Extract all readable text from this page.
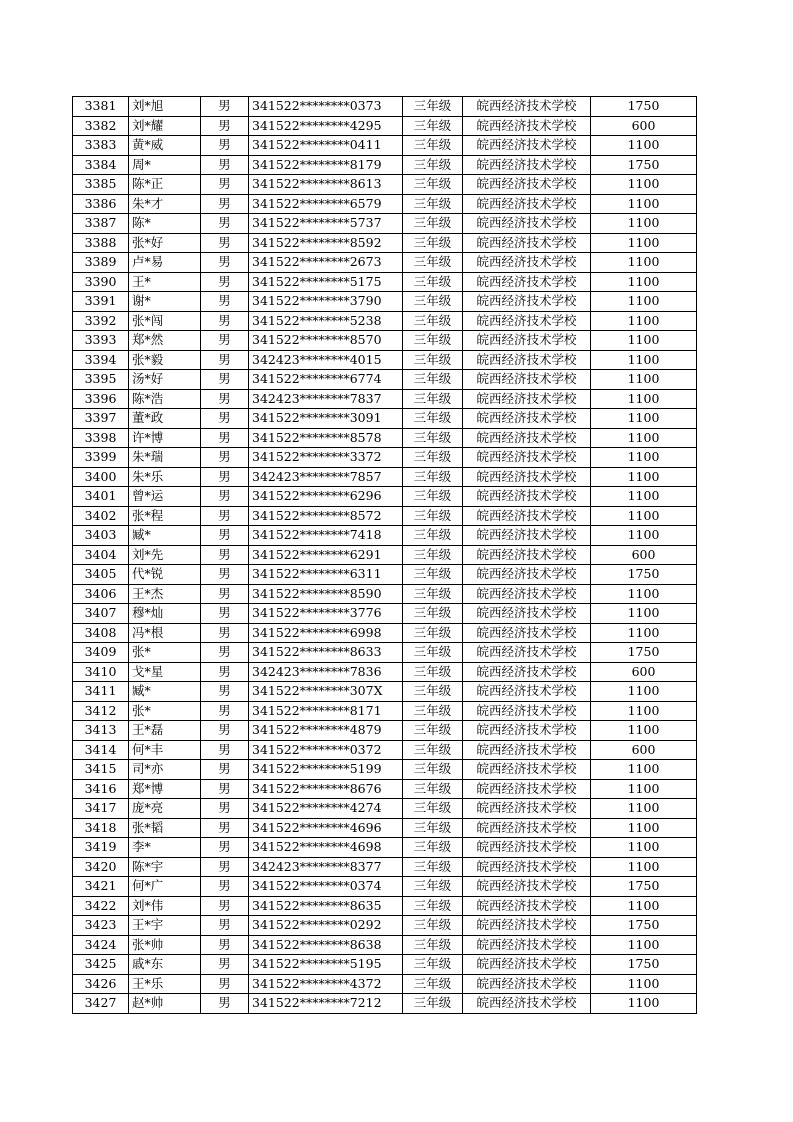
3381	刘*旭	男	341522********0373	三年级	皖西经济技术学校	1750
3382	刘*耀	男	341522********4295	三年级	皖西经济技术学校	600
3383	黄*威	男	341522********0411	三年级	皖西经济技术学校	1100
3384	周*	男	341522********8179	三年级	皖西经济技术学校	1750
3385	陈*正	男	341522********8613	三年级	皖西经济技术学校	1100
3386	朱*才	男	341522********6579	三年级	皖西经济技术学校	1100
3387	陈*	男	341522********5737	三年级	皖西经济技术学校	1100
3388	张*好	男	341522********8592	三年级	皖西经济技术学校	1100
3389	卢*易	男	341522********2673	三年级	皖西经济技术学校	1100
3390	王*	男	341522********5175	三年级	皖西经济技术学校	1100
3391	谢*	男	341522********3790	三年级	皖西经济技术学校	1100
3392	张*闯	男	341522********5238	三年级	皖西经济技术学校	1100
3393	郑*然	男	341522********8570	三年级	皖西经济技术学校	1100
3394	张*毅	男	342423********4015	三年级	皖西经济技术学校	1100
3395	汤*好	男	341522********6774	三年级	皖西经济技术学校	1100
3396	陈*浩	男	342423********7837	三年级	皖西经济技术学校	1100
3397	董*政	男	341522********3091	三年级	皖西经济技术学校	1100
3398	许*博	男	341522********8578	三年级	皖西经济技术学校	1100
3399	朱*瑞	男	341522********3372	三年级	皖西经济技术学校	1100
3400	朱*乐	男	342423********7857	三年级	皖西经济技术学校	1100
3401	曾*运	男	341522********6296	三年级	皖西经济技术学校	1100
3402	张*程	男	341522********8572	三年级	皖西经济技术学校	1100
3403	臧*	男	341522********7418	三年级	皖西经济技术学校	1100
3404	刘*先	男	341522********6291	三年级	皖西经济技术学校	600
3405	代*锐	男	341522********6311	三年级	皖西经济技术学校	1750
3406	王*杰	男	341522********8590	三年级	皖西经济技术学校	1100
3407	穆*灿	男	341522********3776	三年级	皖西经济技术学校	1100
3408	冯*根	男	341522********6998	三年级	皖西经济技术学校	1100
3409	张*	男	341522********8633	三年级	皖西经济技术学校	1750
3410	戈*星	男	342423********7836	三年级	皖西经济技术学校	600
3411	臧*	男	341522********307X	三年级	皖西经济技术学校	1100
3412	张*	男	341522********8171	三年级	皖西经济技术学校	1100
3413	王*磊	男	341522********4879	三年级	皖西经济技术学校	1100
3414	何*丰	男	341522********0372	三年级	皖西经济技术学校	600
3415	司*亦	男	341522********5199	三年级	皖西经济技术学校	1100
3416	郑*博	男	341522********8676	三年级	皖西经济技术学校	1100
3417	庞*亮	男	341522********4274	三年级	皖西经济技术学校	1100
3418	张*韬	男	341522********4696	三年级	皖西经济技术学校	1100
3419	李*	男	341522********4698	三年级	皖西经济技术学校	1100
3420	陈*宇	男	342423********8377	三年级	皖西经济技术学校	1100
3421	何*广	男	341522********0374	三年级	皖西经济技术学校	1750
3422	刘*伟	男	341522********8635	三年级	皖西经济技术学校	1100
3423	王*宇	男	341522********0292	三年级	皖西经济技术学校	1750
3424	张*帅	男	341522********8638	三年级	皖西经济技术学校	1100
3425	戚*东	男	341522********5195	三年级	皖西经济技术学校	1750
3426	王*乐	男	341522********4372	三年级	皖西经济技术学校	1100
3427	赵*帅	男	341522********7212	三年级	皖西经济技术学校	1100
